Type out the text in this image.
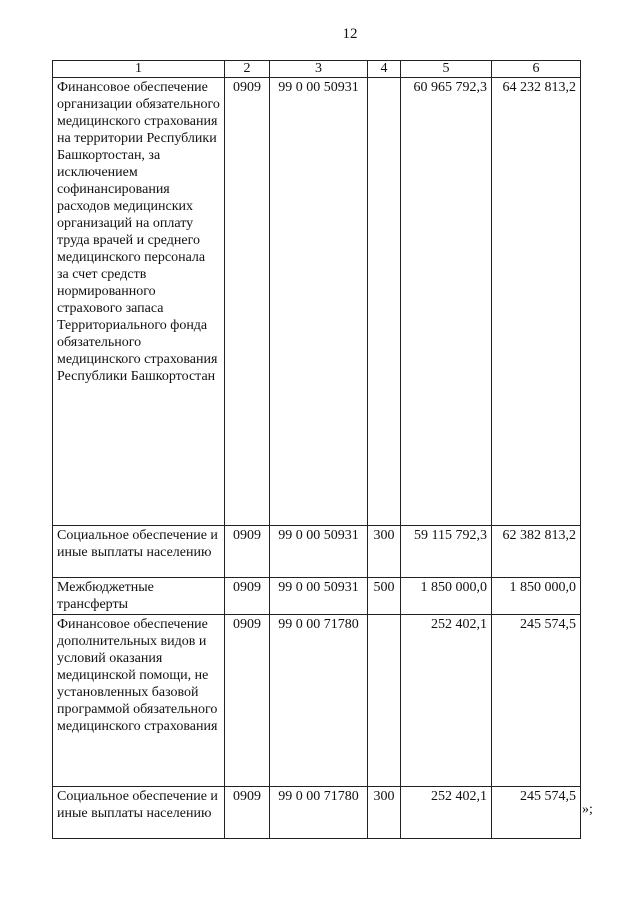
12
1	2	3	4	5	6
Финансовое обеспечение организации обязательного медицинского страхования на территории Республики Башкортостан, за исключением софинансирования расходов медицинских организаций на оплату труда врачей и среднего медицинского персонала за счет средств нормированного страхового запаса Территориального фонда обязательного медицинского страхования Республики Башкортостан	0909	99 0 00 50931		60 965 792,3	64 232 813,2
Социальное обеспечение и иные выплаты населению	0909	99 0 00 50931	300	59 115 792,3	62 382 813,2
Межбюджетные трансферты	0909	99 0 00 50931	500	1 850 000,0	1 850 000,0
Финансовое обеспечение дополнительных видов и условий оказания медицинской помощи, не установленных базовой программой обязательного медицинского страхования	0909	99 0 00 71780		252 402,1	245 574,5
Социальное обеспечение и иные выплаты населению	0909	99 0 00 71780	300	252 402,1	245 574,5
»;
